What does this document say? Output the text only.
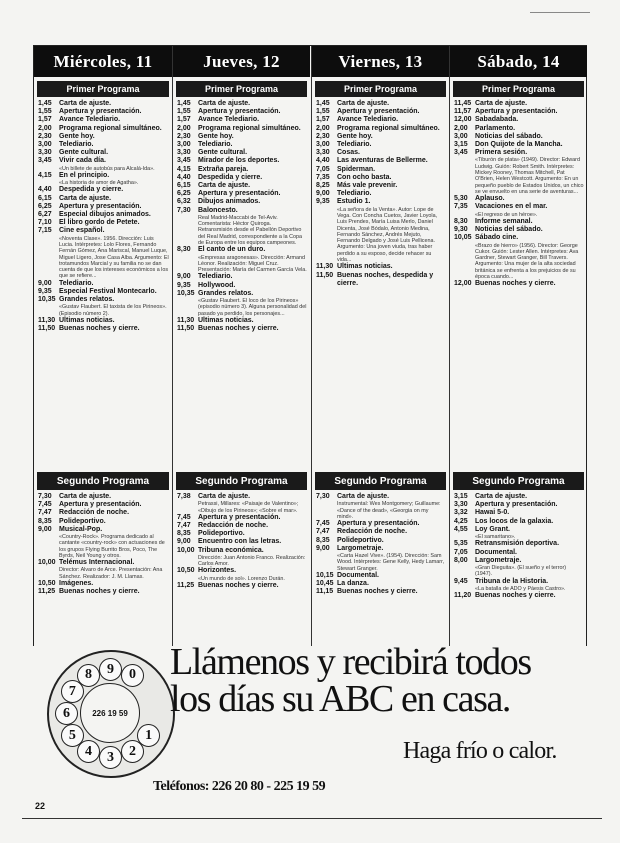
Miércoles, 11
Primer Programa
1,45	Carta de ajuste.
1,55	Apertura y presentación.
1,57	Avance Telediario.
2,00	Programa regional simultáneo.
2,30	Gente hoy.
3,00	Telediario.
3,30	Gente cultural.
3,45	Vivir cada día.
«Un billete de autobús para Alcalá-Ida».
4,15	En el principio.
«La historia de amor de Agatha».
4,40	Despedida y cierre.
6,15	Carta de ajuste.
6,25	Apertura y presentación.
6,27	Especial dibujos animados.
7,10	El libro gordo de Petete.
7,15	Cine español.
«Noventa Clase». 1956. Dirección: Luis Lucia. Intérpretes: Lolo Flores, Fernando Fernán Gómez, Ana Mariscal, Manuel Luque, Miguel Ligero, Jose Casa Alba. Argumento: El trotamundos Marcial y su familia no se dan cuenta de que los intereses económicos a los que se refiere...
9,00	Telediario.
9,35	Especial Festival Montecarlo.
10,35 Grandes relatos.
«Gustav Flaubert. El taxista de los Pirineos». (Episodio número 2).
11,30 Ultimas noticias.
11,50 Buenas noches y cierre.
Segundo Programa
7,30	Carta de ajuste.
7,45	Apertura y presentación.
7,47	Redacción de noche.
8,35	Polideportivo.
9,00	Musical-Pop.
«Country-Rock». Programa dedicado al cantante «country-rock» con actuaciones de los grupos Flying Burrito Bros, Poco, The Byrds, Neil Young y otros.
10,00 Telémus Internacional.
Director: Alvaro de Arce. Presentación: Ana Sánchez. Realizador: J. M. Llamas.
10,50 Imágenes.
11,25 Buenas noches y cierre.
Jueves, 12
Primer Programa
1,45	Carta de ajuste.
1,55	Apertura y presentación.
1,57	Avance Telediario.
2,00	Programa regional simultáneo.
2,30	Gente hoy.
3,00	Telediario.
3,30	Gente cultural.
3,45	Mirador de los deportes.
4,15	Extraña pareja.
4,40	Despedida y cierre.
6,15	Carta de ajuste.
6,25	Apertura y presentación.
6,32	Dibujos animados.
7,30	Baloncesto.
Real Madrid-Maccabi de Tel-Aviv. Comentarista: Héctor Quiroga. Retransmisión desde el Pabellón Deportivo del Real Madrid, correspondiente a la Copa de Europa entre los equipos campeones.
8,30	El canto de un duro.
«Empresas aragonesas». Dirección: Armand Léonor. Realización: Miguel Cruz. Presentación: María del Carmen García Vela.
9,00	Telediario.
9,35	Hollywood.
10,35 Grandes relatos.
«Gustav Flaubert. El loco de los Pirineos» (episodio número 3). Alguna personalidad del pasado ya perdido, los personajes...
11,30 Ultimas noticias.
11,50 Buenas noches y cierre.
Segundo Programa
7,38	Carta de ajuste.
Petrassi, Millares: «Paisaje de Valentino»; «Dibujo de los Pirineos»; «Sobre el mar».
7,45	Apertura y presentación.
7,47	Redacción de noche.
8,35	Polideportivo.
9,00	Encuentro con las letras.
10,00 Tribuna económica.
Dirección: Juan Antonio Franco. Realización: Carlos Amor.
10,50 Horizontes.
«Un mundo de sol». Lorenzo Durán.
11,25 Buenas noches y cierre.
Viernes, 13
Primer Programa
1,45	Carta de ajuste.
1,55	Apertura y presentación.
1,57	Avance Telediario.
2,00	Programa regional simultáneo.
2,30	Gente hoy.
3,00	Telediario.
3,30	Cosas.
4,40	Las aventuras de Bellerme.
7,05	Spiderman.
7,35	Con ocho basta.
8,25	Más vale prevenir.
9,00	Telediario.
9,35	Estudio 1.
«La señora de la Venta». Autor: Lope de Vega. Con Concha Cuetos, Javier Loyola, Luis Prendes, María Luisa Merlo, Daniel Dicenta, José Bódalo, Antonio Medina, Fernando Sánchez, Andrés Mejuto, Fernando Delgado y José Luis Pellicena. Argumento: Una joven viuda, tras haber perdido a su esposo, decide rehacer su vida...
11,30 Ultimas noticias.
11,50 Buenas noches, despedida y cierre.
Segundo Programa
7,30	Carta de ajuste.
Instrumental: Wes Montgomery; Guillaume: «Dance of the dead», «Georgia on my mind».
7,45	Apertura y presentación.
7,47	Redacción de noche.
8,35	Polideportivo.
9,00	Largometraje.
«Carta Hazel Vive». (1954). Dirección: Sam Wood. Intérpretes: Gene Kelly, Hedy Lamarr, Stewart Granger.
10,15 Documental.
10,45 La danza.
11,15 Buenas noches y cierre.
Sábado, 14
Primer Programa
11,45 Carta de ajuste.
11,57 Apertura y presentación.
12,00 Sabadabada.
2,00	Parlamento.
3,00	Noticias del sábado.
3,15	Don Quijote de la Mancha.
3,45	Primera sesión.
«Tiburón de plata» (1949). Director: Edward Ludwig. Guión: Robert Smith. Intérpretes: Mickey Rooney, Thomas Mitchell, Pat O'Brien, Helen Westcott. Argumento: En un pequeño pueblo de Estados Unidos, un chico se ve envuelto en una serie de aventuras...
5,30	Aplauso.
7,35	Vacaciones en el mar.
«El regreso de un héroe».
8,30	Informe semanal.
9,30	Noticias del sábado.
10,05 Sábado cine.
«Brazo de hierro» (1956). Director: George Cukor. Guión: Lester Allen. Intérpretes: Ava Gardner, Stewart Granger, Bill Travers. Argumento: Una mujer de la alta sociedad británica se enfrenta a los prejuicios de su época cuando...
12,00 Buenas noches y cierre.
Segundo Programa
3,15	Carta de ajuste.
3,30	Apertura y presentación.
3,32	Hawai 5-0.
4,25	Los locos de la galaxia.
4,55	Loy Grant.
«El samaritano».
5,35	Retransmisión deportiva.
7,05	Documental.
8,00	Largometraje.
«Gran Dieguita». (El sueño y el terror) (1947).
9,45	Tribuna de la Historia.
«La batalla de ADO y Páesis Castro».
11,20 Buenas noches y cierre.
226 19 59
1
2
3
4
5
6
7
8	9	0 Llámenos y recibirá todos
los días su ABC en casa.
Haga frío o calor.
Teléfonos: 226 20 80 - 225 19 59
22
